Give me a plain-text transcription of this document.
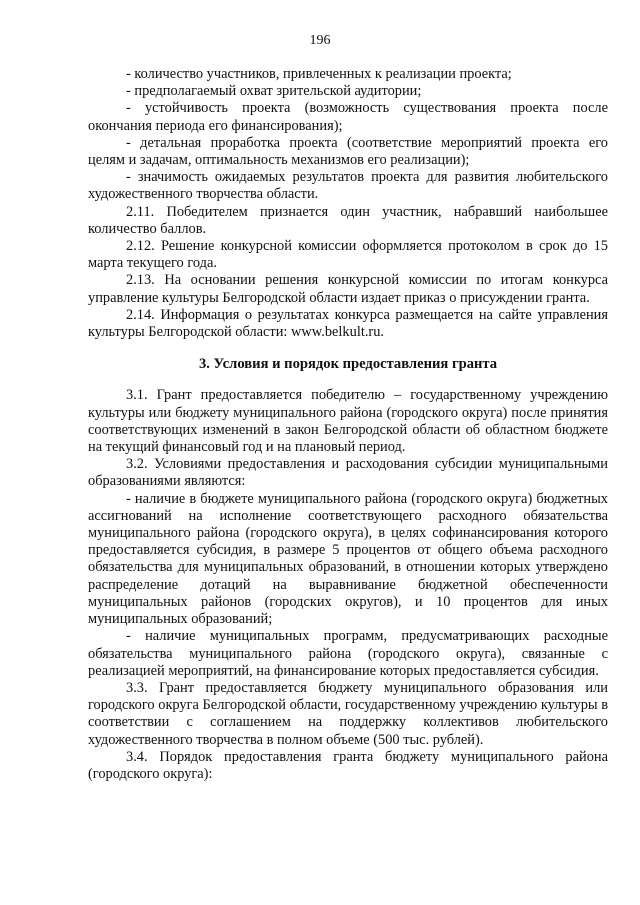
196

- количество участников, привлеченных к реализации проекта;

- предполагаемый охват зрительской аудитории;

- устойчивость проекта (возможность существования проекта после окончания периода его финансирования);

- детальная проработка проекта (соответствие мероприятий проекта его целям и задачам, оптимальность механизмов его реализации);

- значимость ожидаемых результатов проекта для развития любительского художественного творчества области.

2.11. Победителем признается один участник, набравший наибольшее количество баллов.

2.12. Решение конкурсной комиссии оформляется протоколом в срок до 15 марта текущего года.

2.13. На основании решения конкурсной комиссии по итогам конкурса управление культуры Белгородской области издает приказ о присуждении гранта.

2.14. Информация о результатах конкурса размещается на сайте управления культуры Белгородской области: www.belkult.ru.

3. Условия и порядок предоставления гранта

3.1. Грант предоставляется победителю – государственному учреждению культуры или бюджету муниципального района (городского округа) после принятия соответствующих изменений в закон Белгородской области об областном бюджете на текущий финансовый год и на плановый период.

3.2. Условиями предоставления и расходования субсидии муниципальными образованиями являются:

- наличие в бюджете муниципального района (городского округа) бюджетных ассигнований на исполнение соответствующего расходного обязательства муниципального района (городского округа), в целях софинансирования которого предоставляется субсидия, в размере 5 процентов от общего объема расходного обязательства для муниципальных образований, в отношении которых утверждено распределение дотаций на выравнивание бюджетной обеспеченности муниципальных районов (городских округов), и 10 процентов для иных муниципальных образований;

- наличие муниципальных программ, предусматривающих расходные обязательства муниципального района (городского округа), связанные с реализацией мероприятий, на финансирование которых предоставляется субсидия.

3.3. Грант предоставляется бюджету муниципального образования или городского округа Белгородской области, государственному учреждению культуры в соответствии с соглашением на поддержку коллективов любительского художественного творчества в полном объеме (500 тыс. рублей).

3.4. Порядок предоставления гранта бюджету муниципального района (городского округа):
